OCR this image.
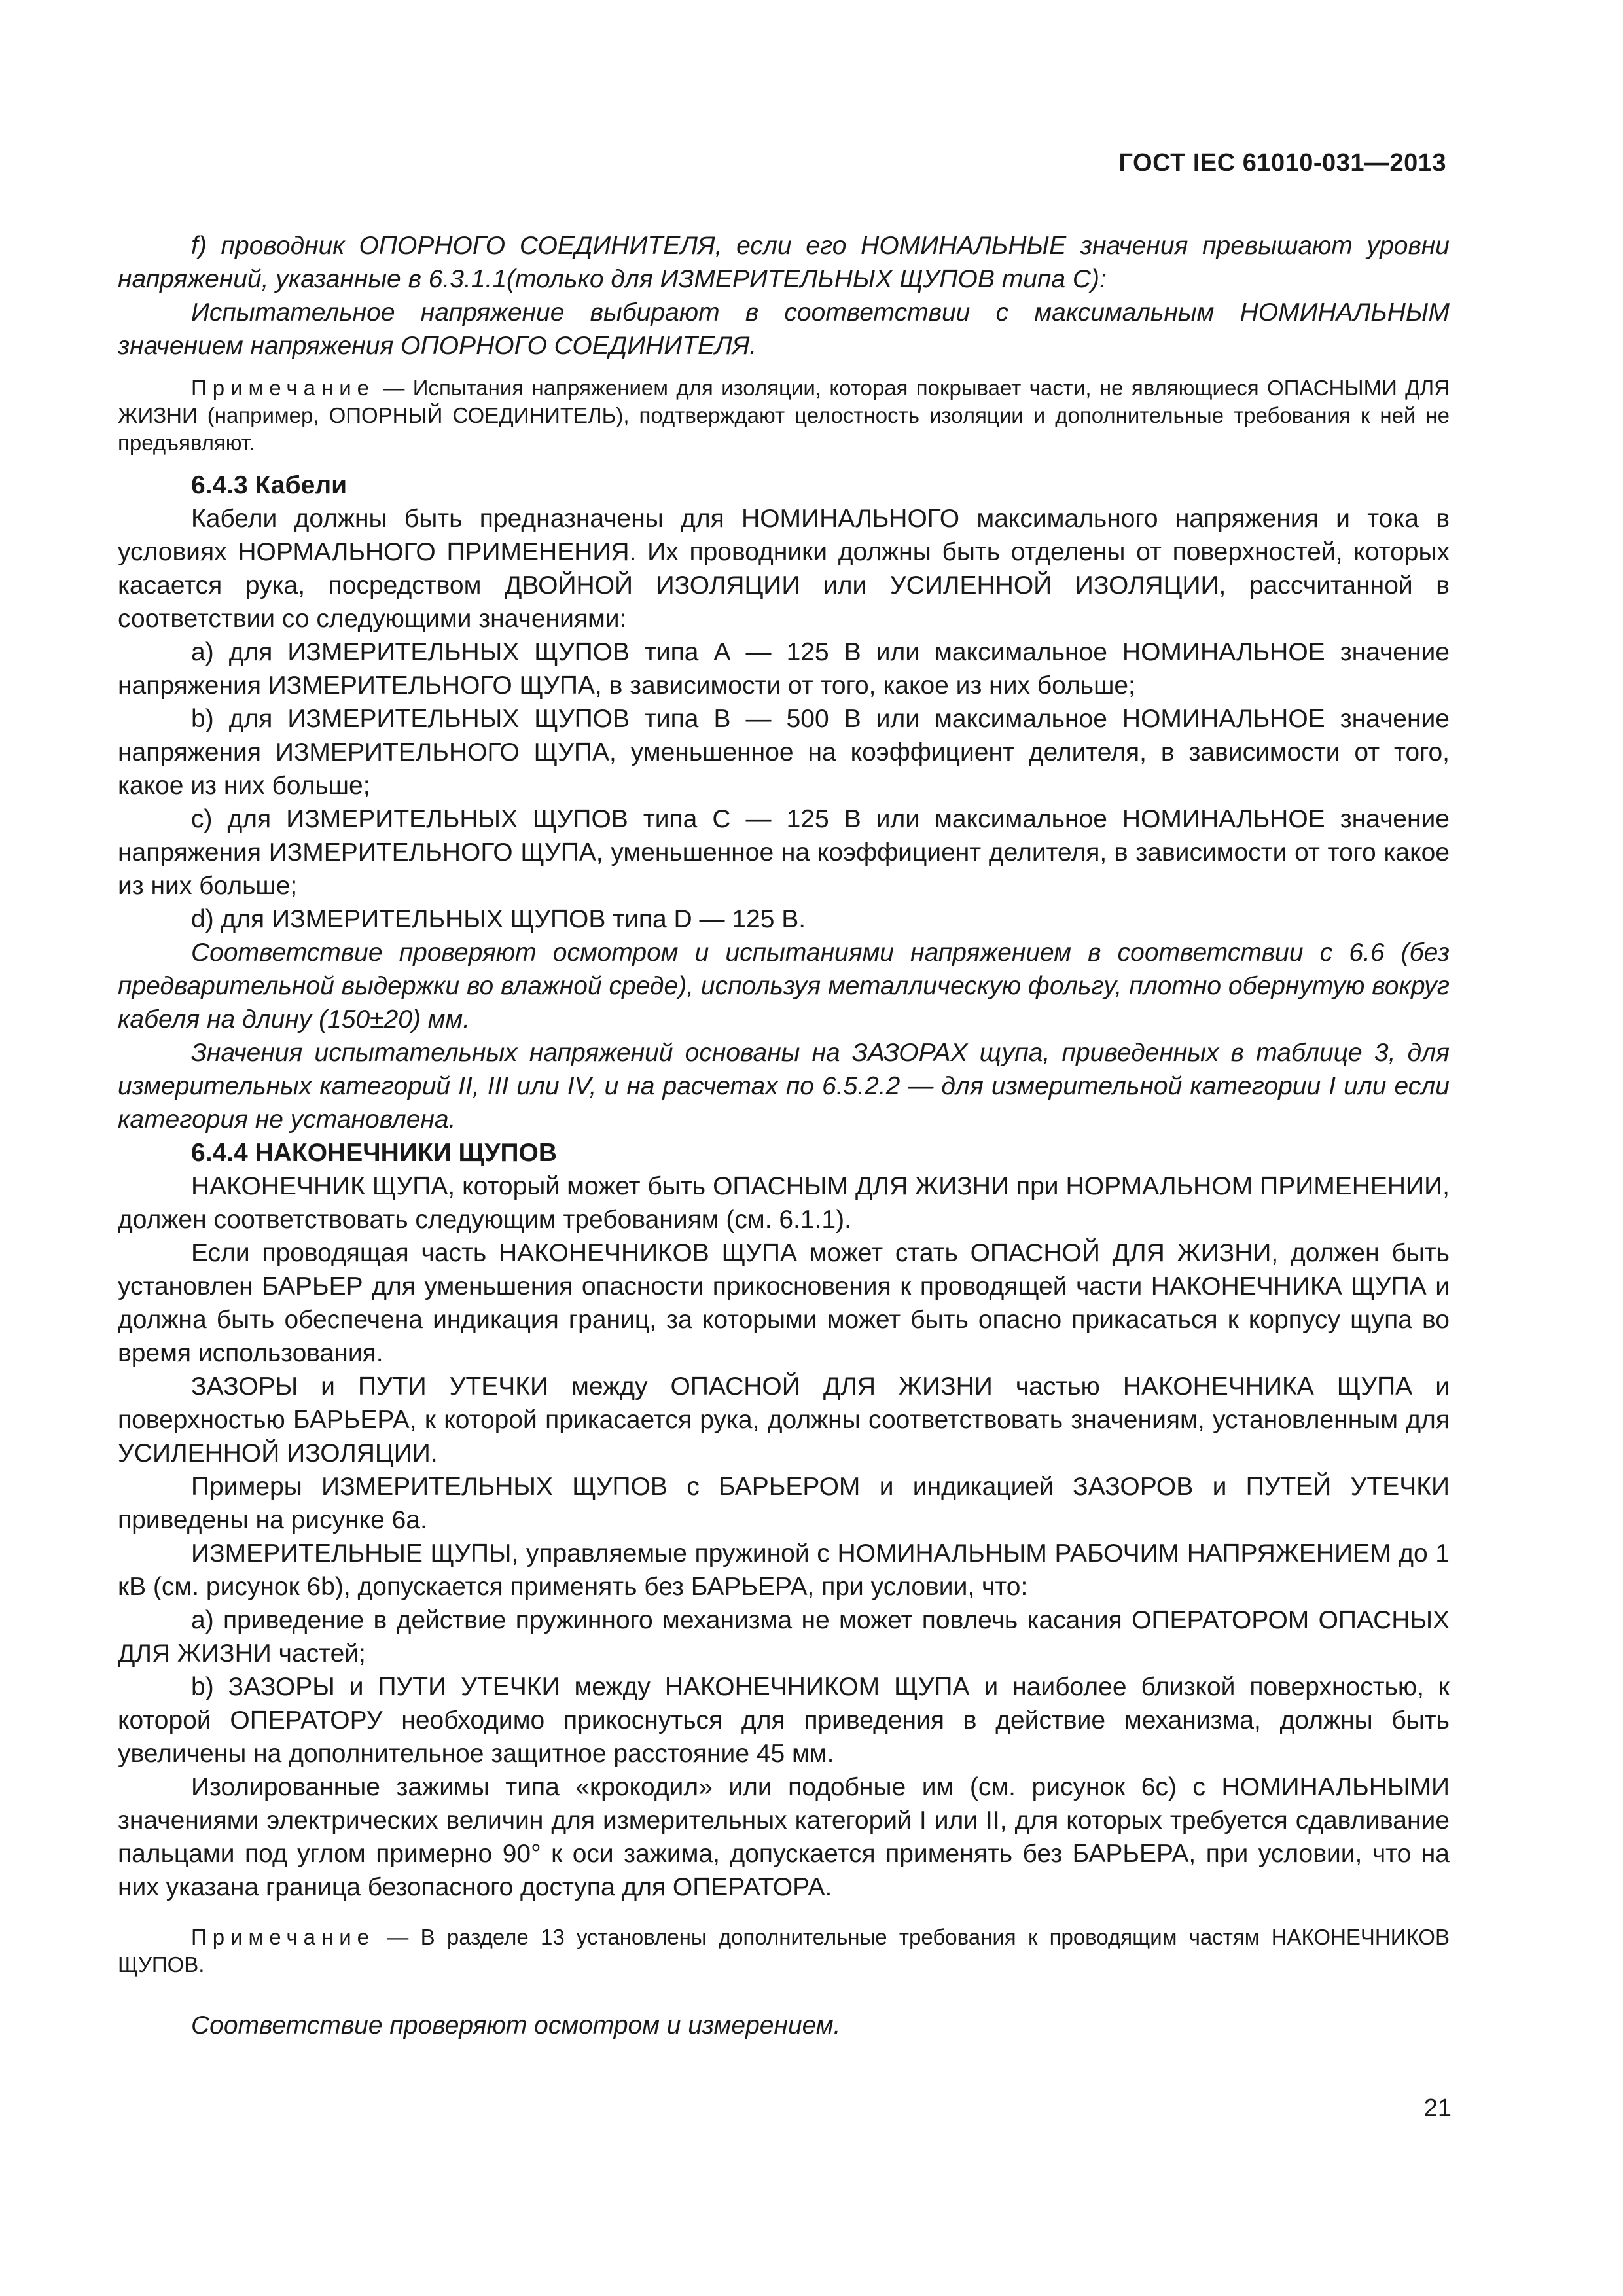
ГОСТ IEC 61010-031—2013

f) проводник ОПОРНОГО СОЕДИНИТЕЛЯ, если его НОМИНАЛЬНЫЕ значения превышают уровни напряжений, указанные в 6.3.1.1(только для ИЗМЕРИТЕЛЬНЫХ ЩУПОВ типа С):

Испытательное напряжение выбирают в соответствии с максимальным НОМИНАЛЬНЫМ значением напряжения ОПОРНОГО СОЕДИНИТЕЛЯ.

Примечание — Испытания напряжением для изоляции, которая покрывает части, не являющиеся ОПАСНЫМИ ДЛЯ ЖИЗНИ (например, ОПОРНЫЙ СОЕДИНИТЕЛЬ), подтверждают целостность изоляции и дополнительные требования к ней не предъявляют.

6.4.3 Кабели

Кабели должны быть предназначены для НОМИНАЛЬНОГО максимального напряжения и тока в условиях НОРМАЛЬНОГО ПРИМЕНЕНИЯ. Их проводники должны быть отделены от поверхностей, которых касается рука, посредством ДВОЙНОЙ ИЗОЛЯЦИИ или УСИЛЕННОЙ ИЗОЛЯЦИИ, рассчитанной в соответствии со следующими значениями:

а) для ИЗМЕРИТЕЛЬНЫХ ЩУПОВ типа А — 125 В или максимальное НОМИНАЛЬНОЕ значение напряжения ИЗМЕРИТЕЛЬНОГО ЩУПА, в зависимости от того, какое из них больше;

b) для ИЗМЕРИТЕЛЬНЫХ ЩУПОВ типа В — 500 В или максимальное НОМИНАЛЬНОЕ значение напряжения ИЗМЕРИТЕЛЬНОГО ЩУПА, уменьшенное на коэффициент делителя, в зависимости от того, какое из них больше;

с) для ИЗМЕРИТЕЛЬНЫХ ЩУПОВ типа С — 125 В или максимальное НОМИНАЛЬНОЕ значение напряжения ИЗМЕРИТЕЛЬНОГО ЩУПА, уменьшенное на коэффициент делителя, в зависимости от того какое из них больше;

d) для ИЗМЕРИТЕЛЬНЫХ ЩУПОВ типа D — 125 В.

Соответствие проверяют осмотром и испытаниями напряжением в соответствии с 6.6 (без предварительной выдержки во влажной среде), используя металлическую фольгу, плотно обернутую вокруг кабеля на длину (150±20) мм.

Значения испытательных напряжений основаны на ЗАЗОРАХ щупа, приведенных в таблице 3, для измерительных категорий II, III или IV, и на расчетах по 6.5.2.2 — для измерительной категории I или если категория не установлена.

6.4.4 НАКОНЕЧНИКИ ЩУПОВ

НАКОНЕЧНИК ЩУПА, который может быть ОПАСНЫМ ДЛЯ ЖИЗНИ при НОРМАЛЬНОМ ПРИМЕНЕНИИ, должен соответствовать следующим требованиям (см. 6.1.1).

Если проводящая часть НАКОНЕЧНИКОВ ЩУПА может стать ОПАСНОЙ ДЛЯ ЖИЗНИ, должен быть установлен БАРЬЕР для уменьшения опасности прикосновения к проводящей части НАКОНЕЧНИКА ЩУПА и должна быть обеспечена индикация границ, за которыми может быть опасно прикасаться к корпусу щупа во время использования.

ЗАЗОРЫ и ПУТИ УТЕЧКИ между ОПАСНОЙ ДЛЯ ЖИЗНИ частью НАКОНЕЧНИКА ЩУПА и поверхностью БАРЬЕРА, к которой прикасается рука, должны соответствовать значениям, установленным для УСИЛЕННОЙ ИЗОЛЯЦИИ.

Примеры ИЗМЕРИТЕЛЬНЫХ ЩУПОВ с БАРЬЕРОМ и индикацией ЗАЗОРОВ и ПУТЕЙ УТЕЧКИ приведены на рисунке 6а.

ИЗМЕРИТЕЛЬНЫЕ ЩУПЫ, управляемые пружиной с НОМИНАЛЬНЫМ РАБОЧИМ НАПРЯЖЕНИЕМ до 1 кВ (см. рисунок 6b), допускается применять без БАРЬЕРА, при условии, что:

а) приведение в действие пружинного механизма не может повлечь касания ОПЕРАТОРОМ ОПАСНЫХ ДЛЯ ЖИЗНИ частей;

b) ЗАЗОРЫ и ПУТИ УТЕЧКИ между НАКОНЕЧНИКОМ ЩУПА и наиболее близкой поверхностью, к которой ОПЕРАТОРУ необходимо прикоснуться для приведения в действие механизма, должны быть увеличены на дополнительное защитное расстояние 45 мм.

Изолированные зажимы типа «крокодил» или подобные им (см. рисунок 6с) с НОМИНАЛЬНЫМИ значениями электрических величин для измерительных категорий I или II, для которых требуется сдавливание пальцами под углом примерно 90° к оси зажима, допускается применять без БАРЬЕРА, при условии, что на них указана граница безопасного доступа для ОПЕРАТОРА.

Примечание — В разделе 13 установлены дополнительные требования к проводящим частям НАКОНЕЧНИКОВ ЩУПОВ.

Соответствие проверяют осмотром и измерением.

21
